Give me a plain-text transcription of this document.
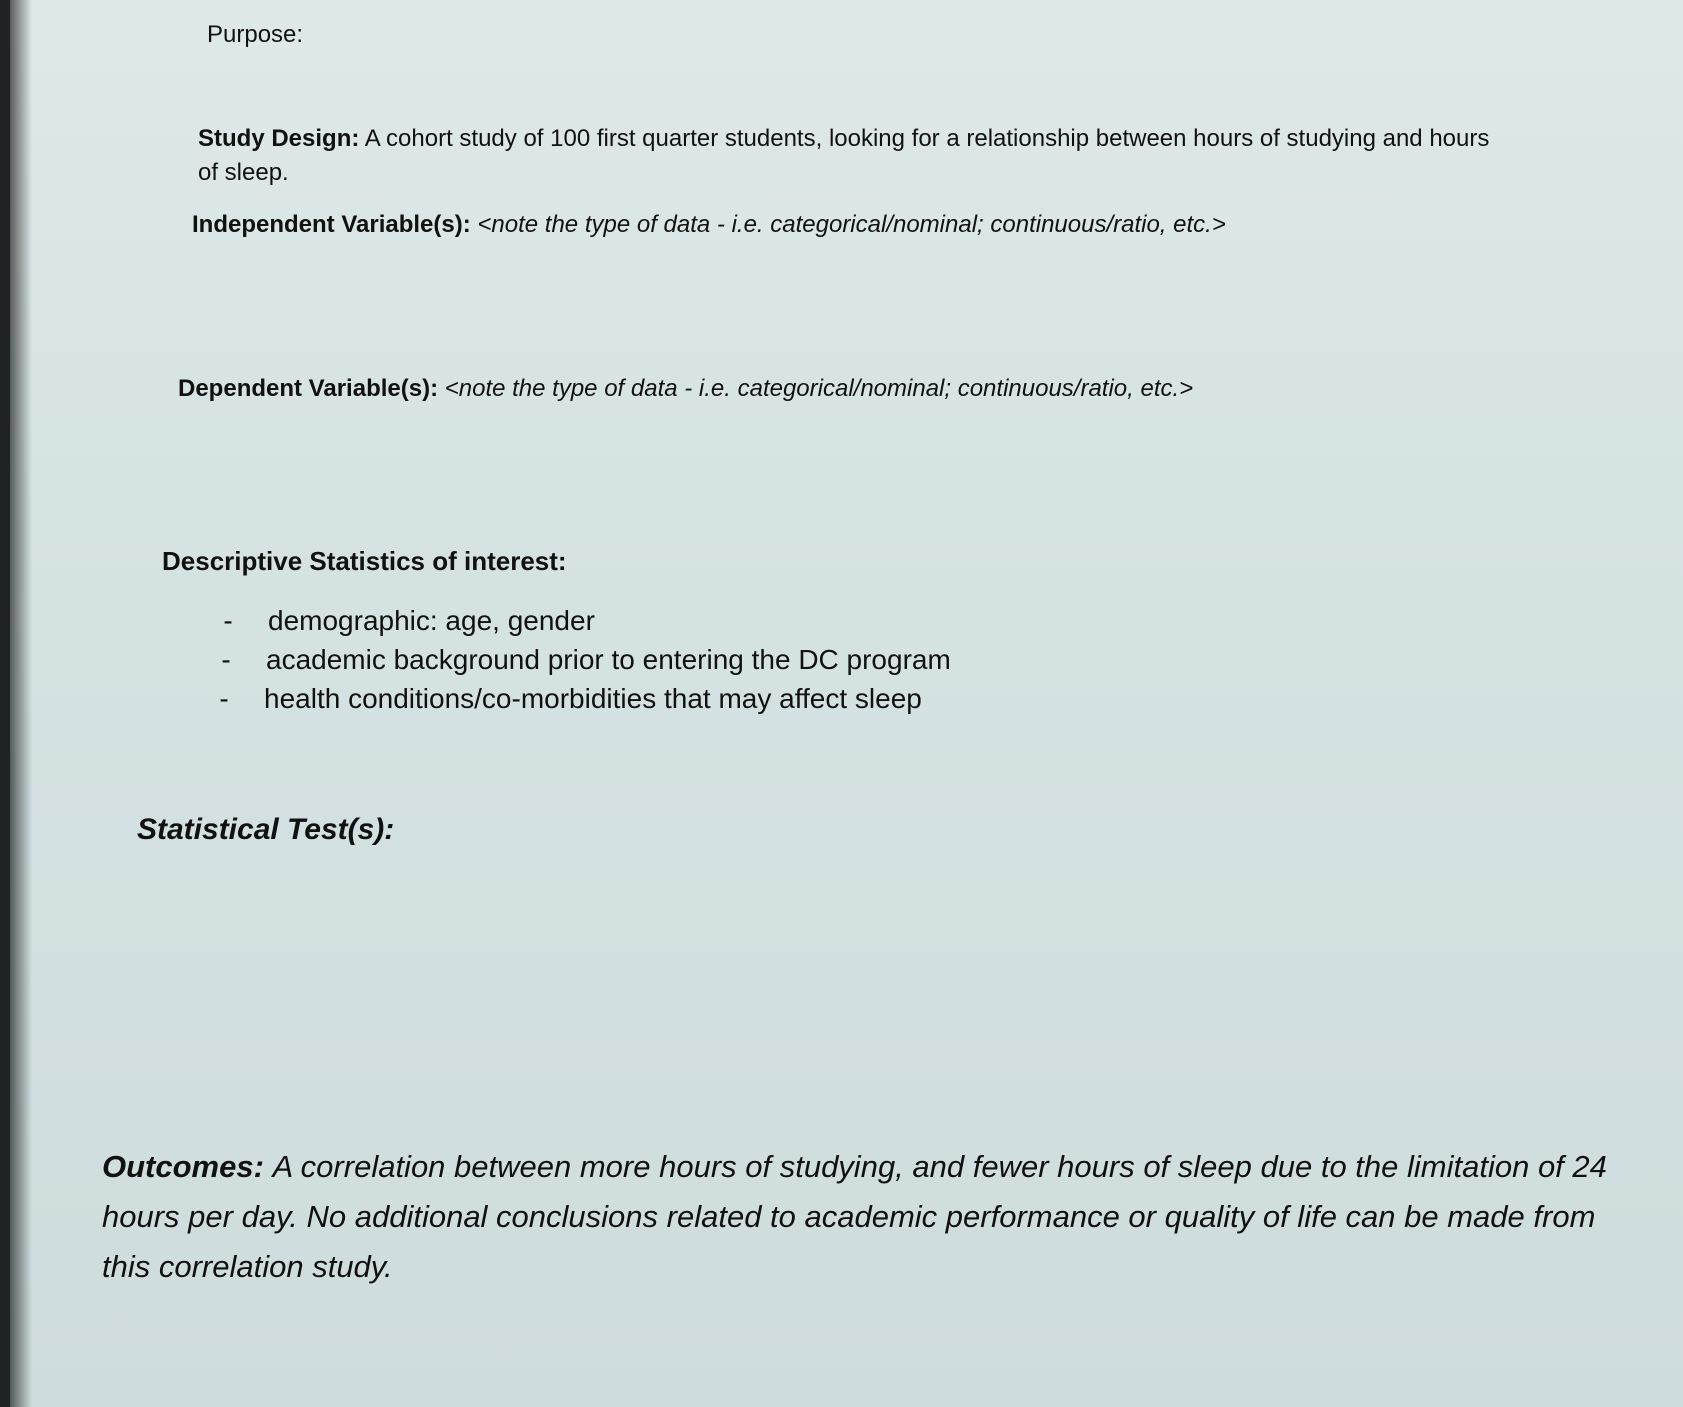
Purpose:
Study Design: A cohort study of 100 first quarter students, looking for a relationship between hours of studying and hours of sleep.
Independent Variable(s): <note the type of data - i.e. categorical/nominal; continuous/ratio, etc.>
Dependent Variable(s): <note the type of data - i.e. categorical/nominal; continuous/ratio, etc.>
Descriptive Statistics of interest:
- demographic: age, gender
- academic background prior to entering the DC program
- health conditions/co-morbidities that may affect sleep
Statistical Test(s):
Outcomes: A correlation between more hours of studying, and fewer hours of sleep due to the limitation of 24 hours per day. No additional conclusions related to academic performance or quality of life can be made from this correlation study.
